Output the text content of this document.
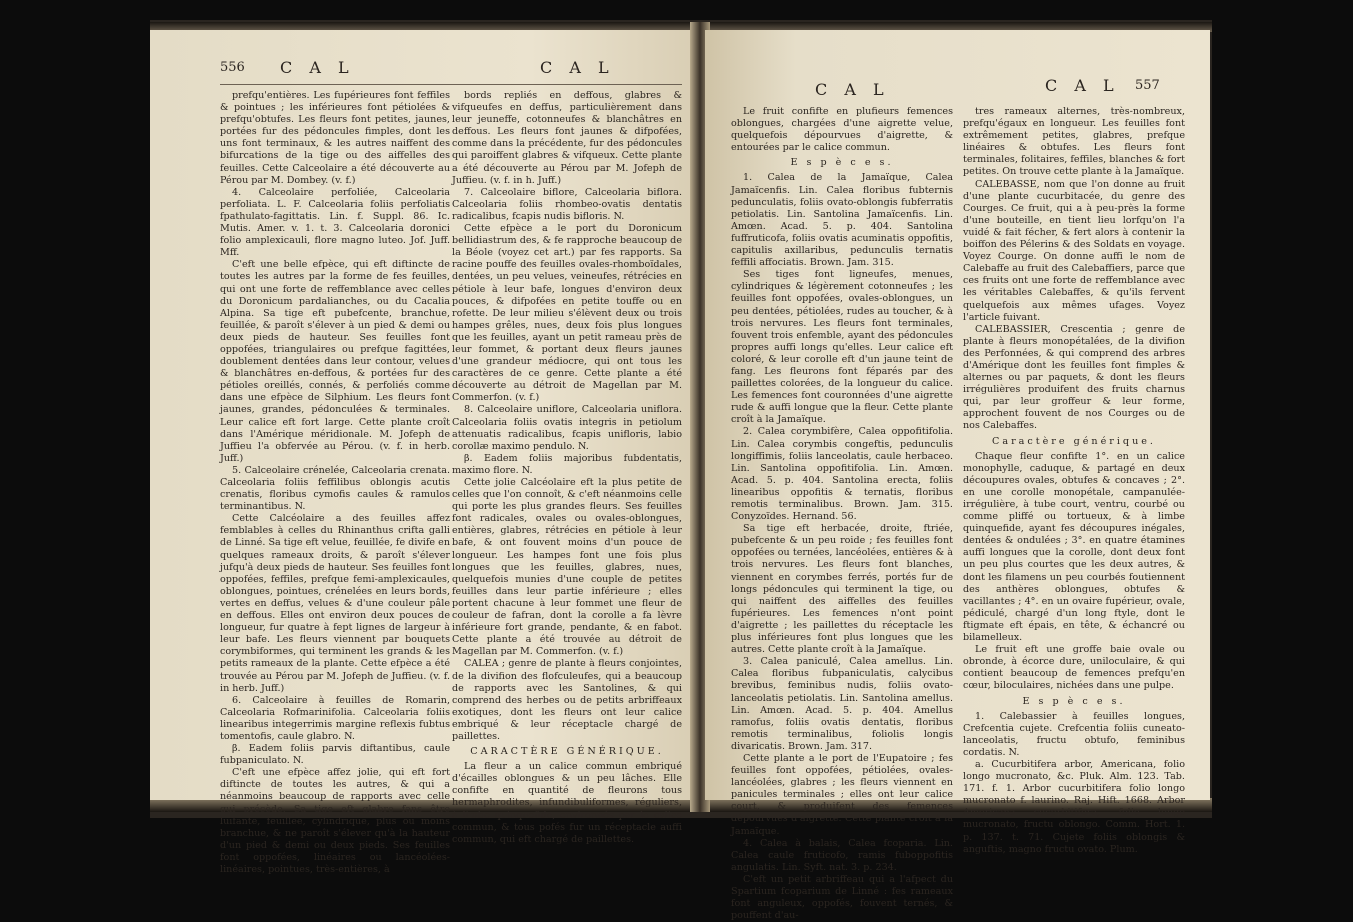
556 C A L	C A L

prefqu'entières. Les fupérieures font feffiles & pointues ; les inférieures font pétiolées & prefqu'obtufes. Les fleurs font petites, jaunes, portées fur des pédoncules fimples, dont les uns font terminaux, & les autres naiffent des bifurcations de la tige ou des aiffelles des feuilles. Cette Calceolaire a été découverte au Pérou par M. Dombey. (v. f.)

4. Calceolaire perfoliée, Calceolaria perfoliata. L. F. Calceolaria foliis perfoliatis fpathulato-fagittatis. Lin. f. Suppl. 86. Ic. Mutis. Amer. v. 1. t. 3. Calceolaria doronici folio amplexicauli, flore magno luteo. Jof. Juff. Mff.

C'eft une belle efpèce, qui eft diftincte de toutes les autres par la forme de fes feuilles, qui ont une forte de reffemblance avec celles du Doronicum pardalianches, ou du Cacalia Alpina. Sa tige eft pubefcente, branchue, feuillée, & paroît s'élever à un pied & demi ou deux pieds de hauteur. Ses feuilles font oppofées, triangulaires ou prefque fagittées, doublement dentées dans leur contour, velues & blanchâtres en-deffous, & portées fur des pétioles oreillés, connés, & perfoliés comme dans une efpèce de Silphium. Les fleurs font jaunes, grandes, pédonculées & terminales. Leur calice eft fort large. Cette plante croît dans l'Amérique méridionale. M. Jofeph de Juffieu l'a obfervée au Pérou. (v. f. in herb. Juff.)

5. Calceolaire crénelée, Calceolaria crenata. Calceolaria foliis feffilibus oblongis acutis crenatis, floribus cymofis caules & ramulos terminantibus. N.

Cette Calcéolaire a des feuilles affez femblables à celles du Rhinanthus crifta galli de Linné. Sa tige eft velue, feuillée, fe divife en quelques rameaux droits, & paroît s'élever jufqu'à deux pieds de hauteur. Ses feuilles font oppofées, feffiles, prefque femi-amplexicaules, oblongues, pointues, crénelées en leurs bords, vertes en deffus, velues & d'une couleur pâle en deffous. Elles ont environ deux pouces de longueur, fur quatre à fept lignes de largeur à leur bafe. Les fleurs viennent par bouquets corymbiformes, qui terminent les grands & les petits rameaux de la plante. Cette efpèce a été trouvée au Pérou par M. Jofeph de Juffieu. (v. f. in herb. Juff.)

6. Calceolaire à feuilles de Romarin, Calceolaria Rofmarinifolia. Calceolaria foliis linearibus integerrimis margine reflexis fubtus tomentofis, caule glabro. N.

β. Eadem foliis parvis diftantibus, caule fubpaniculato. N.

C'eft une efpèce affez jolie, qui eft fort diftincte de toutes les autres, & qui a néanmoins beaucoup de rapports avec celle qui précède. Sa tige eft glabre fans être luifante, feuillée, cylindrique, plus ou moins branchue, & ne paroît s'élever qu'à la hauteur d'un pied & demi ou deux pieds. Ses feuilles font oppofées, linéaires ou lancéolées-linéaires, pointues, très-entières, à

bords repliés en deffous, glabres & vifqueufes en deffus, particulièrement dans leur jeuneffe, cotonneufes & blanchâtres en deffous. Les fleurs font jaunes & difpofées, comme dans la précédente, fur des pédoncules qui paroiffent glabres & vifqueux. Cette plante a été découverte au Pérou par M. Jofeph de Juffieu. (v. f. in h. Juff.)

7. Calceolaire biflore, Calceolaria biflora. Calceolaria foliis rhombeo-ovatis dentatis radicalibus, fcapis nudis bifloris. N.

Cette efpèce a le port du Doronicum bellidiastrum des, & fe rapproche beaucoup de la Béole (voyez cet art.) par fes rapports. Sa racine pouffe des feuilles ovales-rhomboïdales, dentées, un peu velues, veineufes, rétrécies en pétiole à leur bafe, longues d'environ deux pouces, & difpofées en petite touffe ou en rofette. De leur milieu s'élèvent deux ou trois hampes grêles, nues, deux fois plus longues que les feuilles, ayant un petit rameau près de leur fommet, & portant deux fleurs jaunes d'une grandeur médiocre, qui ont tous les caractères de ce genre. Cette plante a été découverte au détroit de Magellan par M. Commerfon. (v. f.)

8. Calceolaire uniflore, Calceolaria uniflora. Calceolaria foliis ovatis integris in petiolum attenuatis radicalibus, fcapis unifloris, labio corollæ maximo pendulo. N.

β. Eadem foliis majoribus fubdentatis, maximo flore. N.

Cette jolie Calcéolaire eft la plus petite de celles que l'on connoît, & c'eft néanmoins celle qui porte les plus grandes fleurs. Ses feuilles font radicales, ovales ou ovales-oblongues, entières, glabres, rétrécies en pétiole à leur bafe, & ont fouvent moins d'un pouce de longueur. Les hampes font une fois plus longues que les feuilles, glabres, nues, quelquefois munies d'une couple de petites feuilles dans leur partie inférieure ; elles portent chacune à leur fommet une fleur de couleur de fafran, dont la corolle a fa lèvre inférieure fort grande, pendante, & en fabot. Cette plante a été trouvée au détroit de Magellan par M. Commerfon. (v. f.)

CALEA ; genre de plante à fleurs conjointes, de la divifion des flofculeufes, qui a beaucoup de rapports avec les Santolines, & qui comprend des herbes ou de petits arbriffeaux exotiques, dont les fleurs ont leur calice embriqué & leur réceptacle chargé de paillettes.

CARACTÈRE GÉNÉRIQUE.

La fleur a un calice commun embriqué d'écailles oblongues & un peu lâches. Elle confifte en quantité de fleurons tous hermaphrodites, infundibuliformes, réguliers, à limbe quinquefide, environnés par le calice commun, & tous pofés fur un réceptacle auffi commun, qui eft chargé de paillettes.

C A L	C A L 557

Le fruit confifte en plufieurs femences oblongues, chargées d'une aigrette velue, quelquefois dépourvues d'aigrette, & entourées par le calice commun.

E s p è c e s.

1. Calea de la Jamaïque, Calea Jamaïcenfis. Lin. Calea floribus fubternis pedunculatis, foliis ovato-oblongis fubferratis petiolatis. Lin. Santolina Jamaïcenfis. Lin. Amœn. Acad. 5. p. 404. Santolina fuffruticofa, foliis ovatis acuminatis oppofitis, capitulis axillaribus, pedunculis ternatis feffili affociatis. Brown. Jam. 315.

Ses tiges font ligneufes, menues, cylindriques & légèrement cotonneufes ; les feuilles font oppofées, ovales-oblongues, un peu dentées, pétiolées, rudes au toucher, & à trois nervures. Les fleurs font terminales, fouvent trois enfemble, ayant des pédoncules propres auffi longs qu'elles. Leur calice eft coloré, & leur corolle eft d'un jaune teint de fang. Les fleurons font féparés par des paillettes colorées, de la longueur du calice. Les femences font couronnées d'une aigrette rude & auffi longue que la fleur. Cette plante croît à la Jamaïque.

2. Calea corymbifère, Calea oppofitifolia. Lin. Calea corymbis congeftis, pedunculis longiffimis, foliis lanceolatis, caule herbaceo. Lin. Santolina oppofitifolia. Lin. Amœn. Acad. 5. p. 404. Santolina erecta, foliis linearibus oppofitis & ternatis, floribus remotis terminalibus. Brown. Jam. 315. Conyzoïdes. Hernand. 56.

Sa tige eft herbacée, droite, ftriée, pubefcente & un peu roide ; fes feuilles font oppofées ou ternées, lancéolées, entières & à trois nervures. Les fleurs font blanches, viennent en corymbes ferrés, portés fur de longs pédoncules qui terminent la tige, ou qui naiffent des aiffelles des feuilles fupérieures. Les femences n'ont point d'aigrette ; les paillettes du réceptacle les plus inférieures font plus longues que les autres. Cette plante croît à la Jamaïque.

3. Calea paniculé, Calea amellus. Lin. Calea floribus fubpaniculatis, calycibus brevibus, feminibus nudis, foliis ovato-lanceolatis petiolatis. Lin. Santolina amellus. Lin. Amœn. Acad. 5. p. 404. Amellus ramofus, foliis ovatis dentatis, floribus remotis terminalibus, foliolis longis divaricatis. Brown. Jam. 317.

Cette plante a le port de l'Eupatoire ; fes feuilles font oppofées, pétiolées, ovales-lancéolées, glabres ; les fleurs viennent en panicules terminales ; elles ont leur calice court, & produifent des femences dépourvues d'aigrette. Cette plante croît à la Jamaïque.

4. Calea à balais, Calea fcoparia. Lin. Calea caule fruticofo, ramis fuboppofitis angulatis. Lin. Syft. nat. 3. p. 234.

C'eft un petit arbriffeau qui a l'afpect du Spartium fcoparium de Linné : fes rameaux font anguleux, oppofés, fouvent ternés, & pouffent d'au-

tres rameaux alternes, très-nombreux, prefqu'égaux en longueur. Les feuilles font extrêmement petites, glabres, prefque linéaires & obtufes. Les fleurs font terminales, folitaires, feffiles, blanches & fort petites. On trouve cette plante à la Jamaïque.

CALEBASSE, nom que l'on donne au fruit d'une plante cucurbitacée, du genre des Courges. Ce fruit, qui a à peu-près la forme d'une bouteille, en tient lieu lorfqu'on l'a vuidé & fait fécher, & fert alors à contenir la boiffon des Pélerins & des Soldats en voyage. Voyez Courge. On donne auffi le nom de Calebaffe au fruit des Calebaffiers, parce que ces fruits ont une forte de reffemblance avec les véritables Calebaffes, & qu'ils fervent quelquefois aux mêmes ufages. Voyez l'article fuivant.

CALEBASSIER, Crescentia ; genre de plante à fleurs monopétalées, de la divifion des Perfonnées, & qui comprend des arbres d'Amérique dont les feuilles font fimples & alternes ou par paquets, & dont les fleurs irrégulières produifent des fruits charnus qui, par leur groffeur & leur forme, approchent fouvent de nos Courges ou de nos Calebaffes.

Caractère générique.

Chaque fleur confifte 1°. en un calice monophylle, caduque, & partagé en deux découpures ovales, obtufes & concaves ; 2°. en une corolle monopétale, campanulée-irrégulière, à tube court, ventru, courbé ou comme pliffé ou tortueux, & à limbe quinquefide, ayant fes découpures inégales, dentées & ondulées ; 3°. en quatre étamines auffi longues que la corolle, dont deux font un peu plus courtes que les deux autres, & dont les filamens un peu courbés foutiennent des anthères oblongues, obtufes & vacillantes ; 4°. en un ovaire fupérieur, ovale, pédiculé, chargé d'un long ftyle, dont le ftigmate eft épais, en tête, & échancré ou bilamelleux.

Le fruit eft une groffe baie ovale ou obronde, à écorce dure, uniloculaire, & qui contient beaucoup de femences prefqu'en cœur, biloculaires, nichées dans une pulpe.

E s p è c e s.

1. Calebassier à feuilles longues, Crefcentia cujete. Crefcentia foliis cuneato-lanceolatis, fructu obtufo, feminibus cordatis. N.

a. Cucurbitifera arbor, Americana, folio longo mucronato, &c. Pluk. Alm. 123. Tab. 171. f. 1. Arbor cucurbitifera folio longo mucronato f. laurino. Raj. Hift. 1668. Arbor Americana cucurbitifera, folio longo mucronato, fructu oblongo. Comm. Hort. 1. p. 137. t. 71. Cujete foliis oblongis & anguftis, magno fructu ovato. Plum.
